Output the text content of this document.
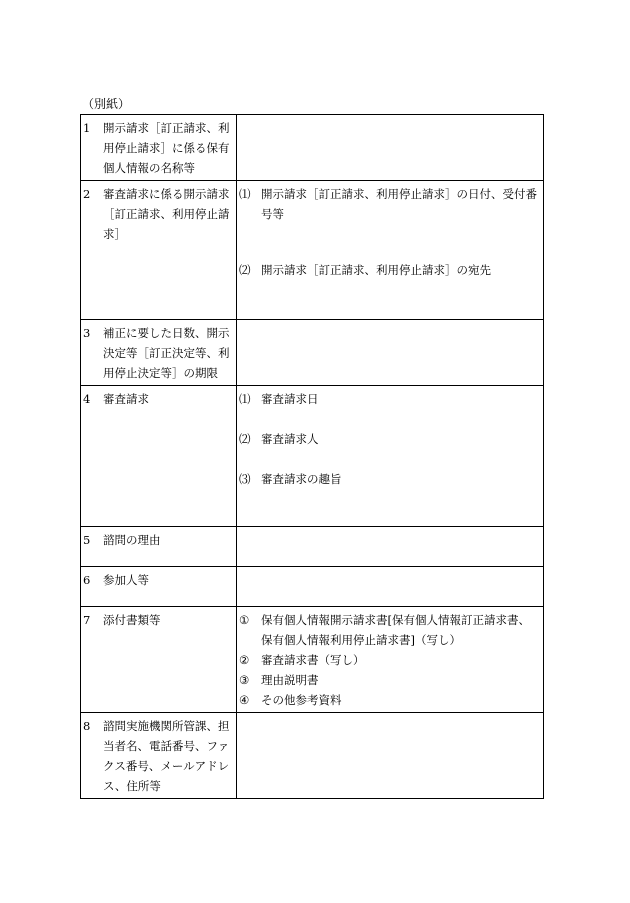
（別紙）
1 開示請求［訂正請求、利用停止請求］に係る保有個人情報の名称等	

2 審査請求に係る開示請求［訂正請求、利用停止請求］	⑴ 開示請求［訂正請求、利用停止請求］の日付、受付番号等
⑵ 開示請求［訂正請求、利用停止請求］の宛先

3 補正に要した日数、開示決定等［訂正決定等、利用停止決定等］の期限	

4 審査請求	⑴ 審査請求日
⑵ 審査請求人
⑶ 審査請求の趣旨

5 諮問の理由	

6 参加人等	

7 添付書類等	① 保有個人情報開示請求書[保有個人情報訂正請求書、保有個人情報利用停止請求書]（写し）
② 審査請求書（写し）
③ 理由説明書
④ その他参考資料

8 諮問実施機関所管課、担当者名、電話番号、ファクス番号、メールアドレス、住所等	
